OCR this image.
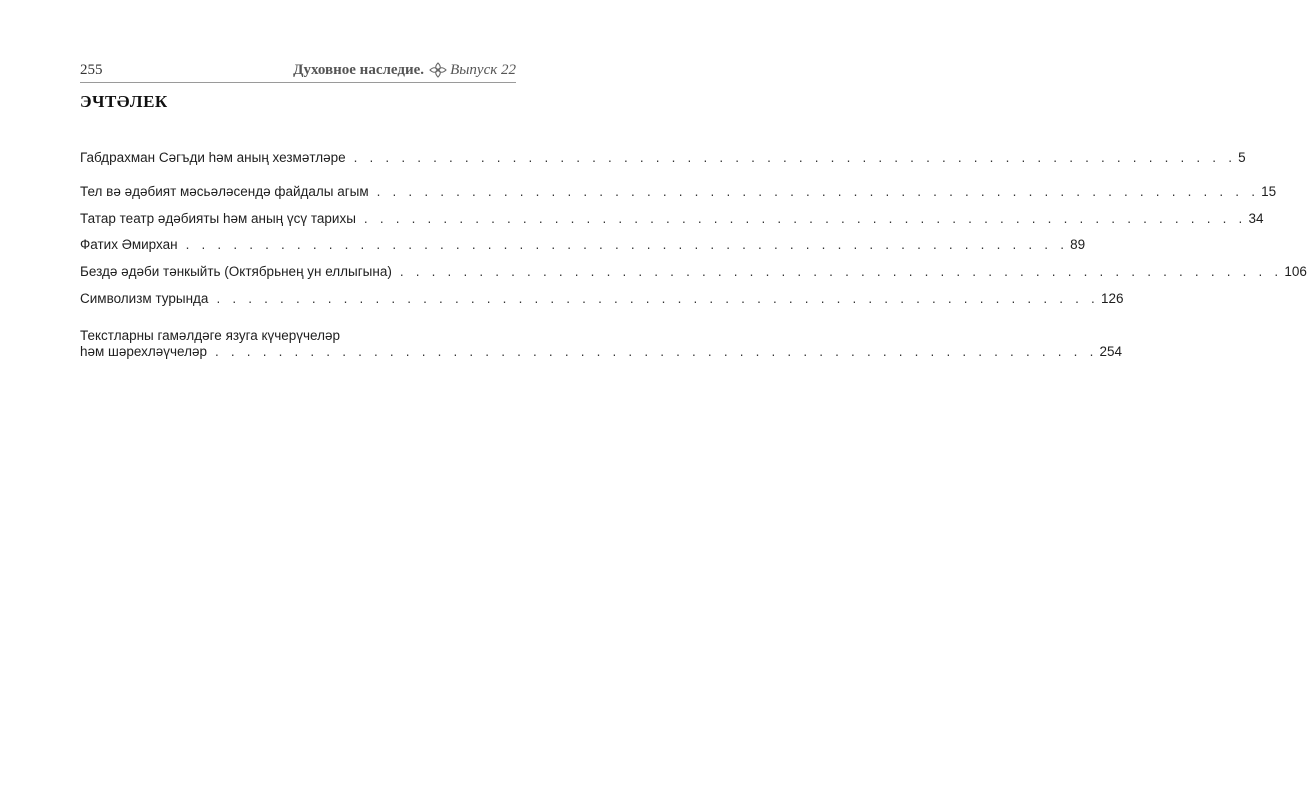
255	Духовное наследие. Выпуск 22
ЭЧТӘЛЕК
Габдрахман Сәгъди һәм аның хезмәтләре . . . . . . . . . . . . . . . . . . . . . . . . . . . . . . . . . . . . . . . . . . . . . . . . . . . . . . . . 5
Тел вә әдәбият мәсьәләсендә файдалы агым . . . . . . . . . . . . . . . . . . . . . . . . . . . . . . . . . . . . . . . . . . . . . . . . . . . . . . . . 15
Татар театр әдәбияты һәм аның үсү тарихы . . . . . . . . . . . . . . . . . . . . . . . . . . . . . . . . . . . . . . . . . . . . . . . . . . . . . . . . 34
Фатих Әмирхан . . . . . . . . . . . . . . . . . . . . . . . . . . . . . . . . . . . . . . . . . . . . . . . . . . . . . . . . 89
Бездә әдәби тәнкыйть (Октябрьнең ун еллыгына) . . . . . . . . . . . . . . . . . . . . . . . . . . . . . . . . . . . . . . . . . . . . . . . . . . . . . . . . 106
Символизм турында . . . . . . . . . . . . . . . . . . . . . . . . . . . . . . . . . . . . . . . . . . . . . . . . . . . . . . . . 126
Текстларны гамәлдәге язуга күчерүчеләр
һәм шәрехләүчеләр . . . . . . . . . . . . . . . . . . . . . . . . . . . . . . . . . . . . . . . . . . . . . . . . . . . . . . . . 254
